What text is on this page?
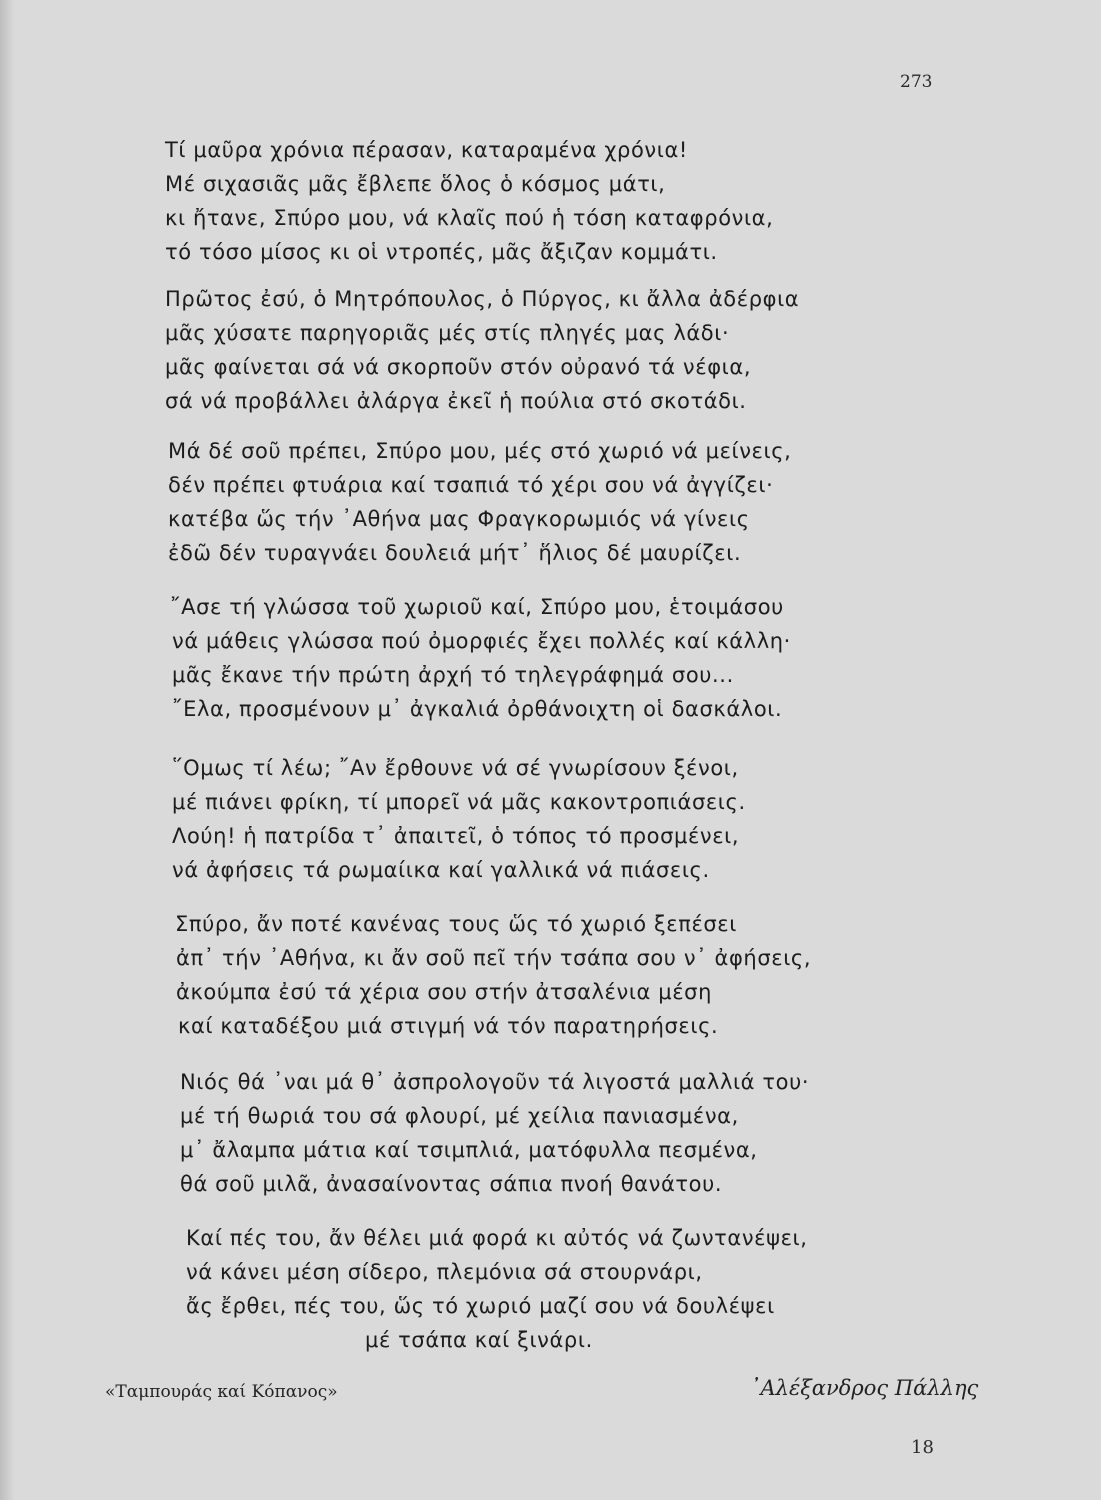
273
Τί μαῦρα χρόνια πέρασαν, καταραμένα χρόνια!
Μέ σιχασιᾶς μᾶς ἔβλεπε ὅλος ὁ κόσμος μάτι,
κι ἤτανε, Σπύρο μου, νά κλαῖς πού ἡ τόση καταφρόνια,
τό τόσο μίσος κι οἱ ντροπές, μᾶς ἄξιζαν κομμάτι.
Πρῶτος ἐσύ, ὁ Μητρόπουλος, ὁ Πύργος, κι ἄλλα ἀδέρφια
μᾶς χύσατε παρηγοριᾶς μές στίς πληγές μας λάδι·
μᾶς φαίνεται σά νά σκορποῦν στόν οὐρανό τά νέφια,
σά νά προβάλλει ἀλάργα ἐκεῖ ἡ πούλια στό σκοτάδι.
Μά δέ σοῦ πρέπει, Σπύρο μου, μές στό χωριό νά μείνεις,
δέν πρέπει φτυάρια καί τσαπιά τό χέρι σου νά ἀγγίζει·
κατέβα ὥς τήν ᾿Αθήνα μας Φραγκορωμιός νά γίνεις
ἐδῶ δέν τυραγνάει δουλειά μήτ᾿ ἥλιος δέ μαυρίζει.
῎Ασε τή γλώσσα τοῦ χωριοῦ καί, Σπύρο μου, ἑτοιμάσου
νά μάθεις γλώσσα πού ὀμορφιές ἔχει πολλές καί κάλλη·
μᾶς ἔκανε τήν πρώτη ἀρχή τό τηλεγράφημά σου...
῎Ελα, προσμένουν μ᾿ ἀγκαλιά ὀρθάνοιχτη οἱ δασκάλοι.
῞Ομως τί λέω; ῎Αν ἔρθουνε νά σέ γνωρίσουν ξένοι,
μέ πιάνει φρίκη, τί μπορεῖ νά μᾶς κακοντροπιάσεις.
Λούη! ἡ πατρίδα τ᾿ ἀπαιτεῖ, ὁ τόπος τό προσμένει,
νά ἀφήσεις τά ρωμαίικα καί γαλλικά νά πιάσεις.
Σπύρο, ἄν ποτέ κανένας τους ὥς τό χωριό ξεπέσει
ἀπ᾿ τήν ᾿Αθήνα, κι ἄν σοῦ πεῖ τήν τσάπα σου ν᾿ ἀφήσεις,
ἀκούμπα ἐσύ τά χέρια σου στήν ἀτσαλένια μέση
καί καταδέξου μιά στιγμή νά τόν παρατηρήσεις.
Νιός θά ᾿ναι μά θ᾿ ἀσπρολογοῦν τά λιγοστά μαλλιά του·
μέ τή θωριά του σά φλουρί, μέ χείλια πανιασμένα,
μ᾿ ἄλαμπα μάτια καί τσιμπλιά, ματόφυλλα πεσμένα,
θά σοῦ μιλᾶ, ἀνασαίνοντας σάπια πνοή θανάτου.
Καί πές του, ἄν θέλει μιά φορά κι αὐτός νά ζωντανέψει,
νά κάνει μέση σίδερο, πλεμόνια σά στουρνάρι,
ἄς ἔρθει, πές του, ὥς τό χωριό μαζί σου νά δουλέψει
μέ τσάπα καί ξινάρι.
«Ταμπουράς καί Κόπανος»	᾿Αλέξανδρος Πάλλης
18
